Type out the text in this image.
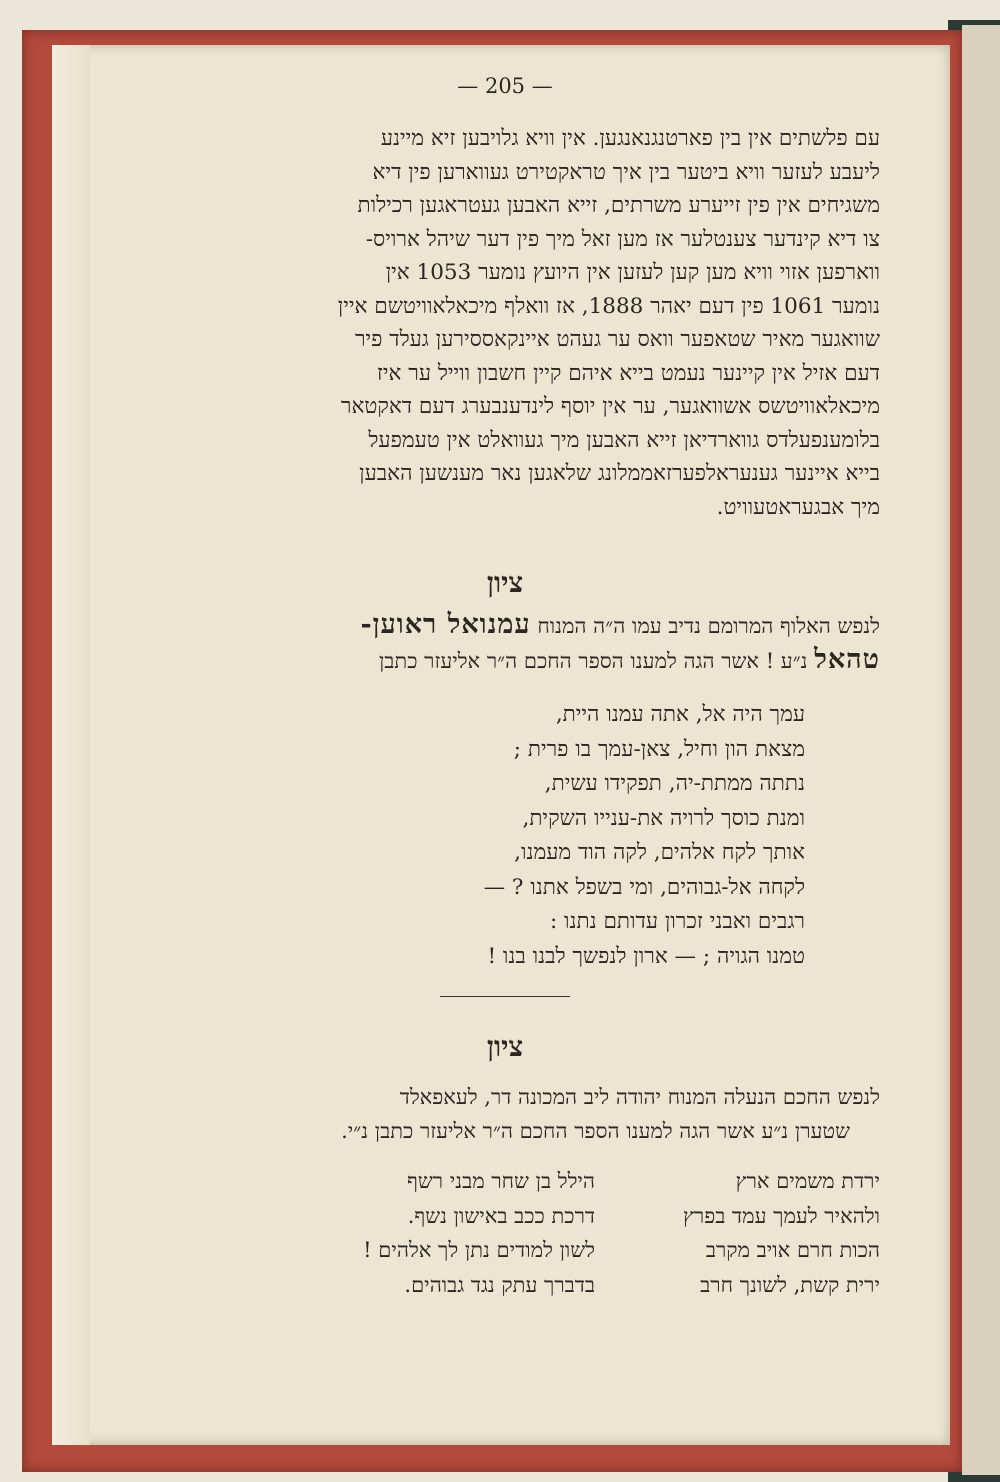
— 205 —
עם פלשתים אין בין פארטנגנאנגען. אין וויא גלויבען זיא מיינע
ליעבע לעזער וויא ביטער בין איך טראקטירט געווארען פין דיא
משגיחים אין פין זייערע משרתים, זייא האבען געטראגען רכילות
צו דיא קינדער צענטלער אז מען זאל מיך פין דער שיהל ארויס-
ווארפען אזוי וויא מען קען לעזען אין היועץ נומער 1053 אין
נומער 1061 פין דעם יאהר 1888, אז וואלף מיכאלאוויטשם איין
שוואגער מאיר שטאפער וואס ער געהט איינקאססירען געלד פיר
דעם אזיל אין קיינער נעמט בייא איהם קיין חשבון ווייל ער איז
מיכאלאוויטשס אשוואגער, ער אין יוסף לינדענבערג דעם דאקטאר
בלומענפעלדס גווארדיאן זייא האבען מיך געוואלט אין טעמפעל
בייא איינער גענעראלפערזאממלונג שלאגען נאר מענשען האבען
מיך אבגעראטעוויט.
ציון
לנפש האלוף המרומם נדיב עמו ה״ה המנוח עמנואל ראוען-
טהאל נ״ע ! אשר הגה למענו הספר החכם ה״ר אליעזר כתבן
עמך היה אל, אתה עמנו היית,
מצאת הון וחיל, צאן-עמך בו פרית ;
נתתה ממתת-יה, תפקידו עשית,
ומנת כוסך לרויה את-ענייו השקית,
אותך לקח אלהים, לקה הוד מעמנו,
לקחה אל-גבוהים, ומי בשפל אתנו ? —
רגבים ואבני זכרון עדותם נתנו :
טמנו הגויה ; — ארון לנפשך לבנו בנו !
ציון
לנפש החכם הנעלה המנוח יהודה ליב המכונה דר, לעאפאלד
שטערן נ״ע אשר הגה למענו הספר החכם ה״ר אליעזר כתבן נ״י.
ירדת משמים ארץ
ולהאיר לעמך עמד בפרץ
הכות חרם אויב מקרב
ירית קשת, לשונך חרב
הילל בן שחר מבני רשף
דרכת ככב באישון נשף.
לשון למודים נתן לך אלהים !
בדברך עתק נגד גבוהים.
